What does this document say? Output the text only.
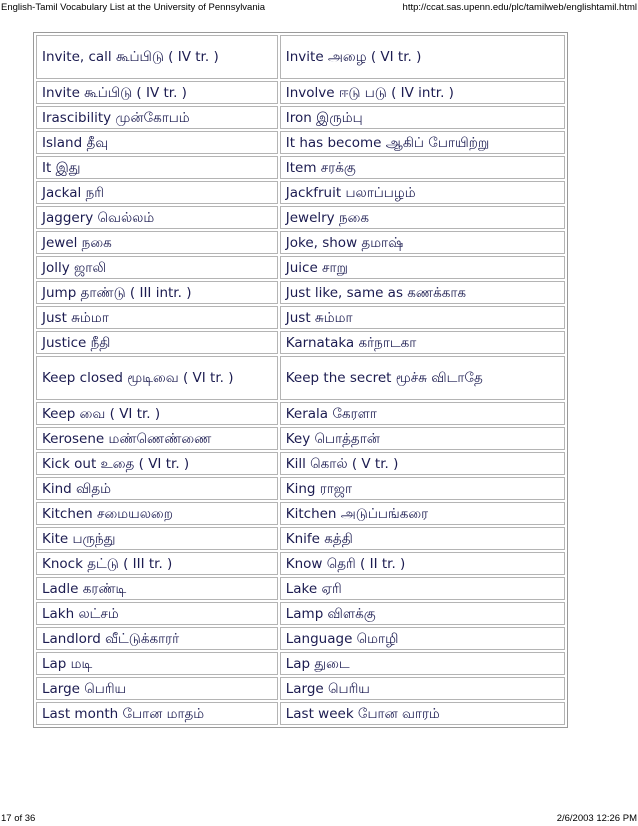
English-Tamil Vocabulary List at the University of Pennsylvania	http://ccat.sas.upenn.edu/plc/tamilweb/englishtamil.html
Invite, call கூப்பிடு ( IV tr. )	Invite அழை ( VI tr. )
Invite கூப்பிடு ( IV tr. )	Involve ஈடு படு ( IV intr. )
Irascibility முன்கோபம்	Iron இரும்பு
Island தீவு	It has become ஆகிப் போயிற்று
It இது	Item சரக்கு
Jackal நரி	Jackfruit பலாப்பழம்
Jaggery வெல்லம்	Jewelry நகை
Jewel நகை	Joke, show தமாஷ்
Jolly ஜாலி	Juice சாறு
Jump தாண்டு ( III intr. )	Just like, same as கணக்காக
Just சும்மா	Just சும்மா
Justice நீதி	Karnataka கர்நாடகா
Keep closed மூடிவை ( VI tr. )	Keep the secret மூச்சு விடாதே
Keep வை ( VI tr. )	Kerala கேரளா
Kerosene மண்ணெண்ணை	Key பொத்தான்
Kick out உதை ( VI tr. )	Kill கொல் ( V tr. )
Kind விதம்	King ராஜா
Kitchen சமையலறை	Kitchen அடுப்பங்கரை
Kite பருந்து	Knife கத்தி
Knock தட்டு ( III tr. )	Know தெரி ( II tr. )
Ladle கரண்டி	Lake ஏரி
Lakh லட்சம்	Lamp விளக்கு
Landlord வீட்டுக்காரர்	Language மொழி
Lap மடி	Lap துடை
Large பெரிய	Large பெரிய
Last month போன மாதம்	Last week போன வாரம்
17 of 36	2/6/2003 12:26 PM
